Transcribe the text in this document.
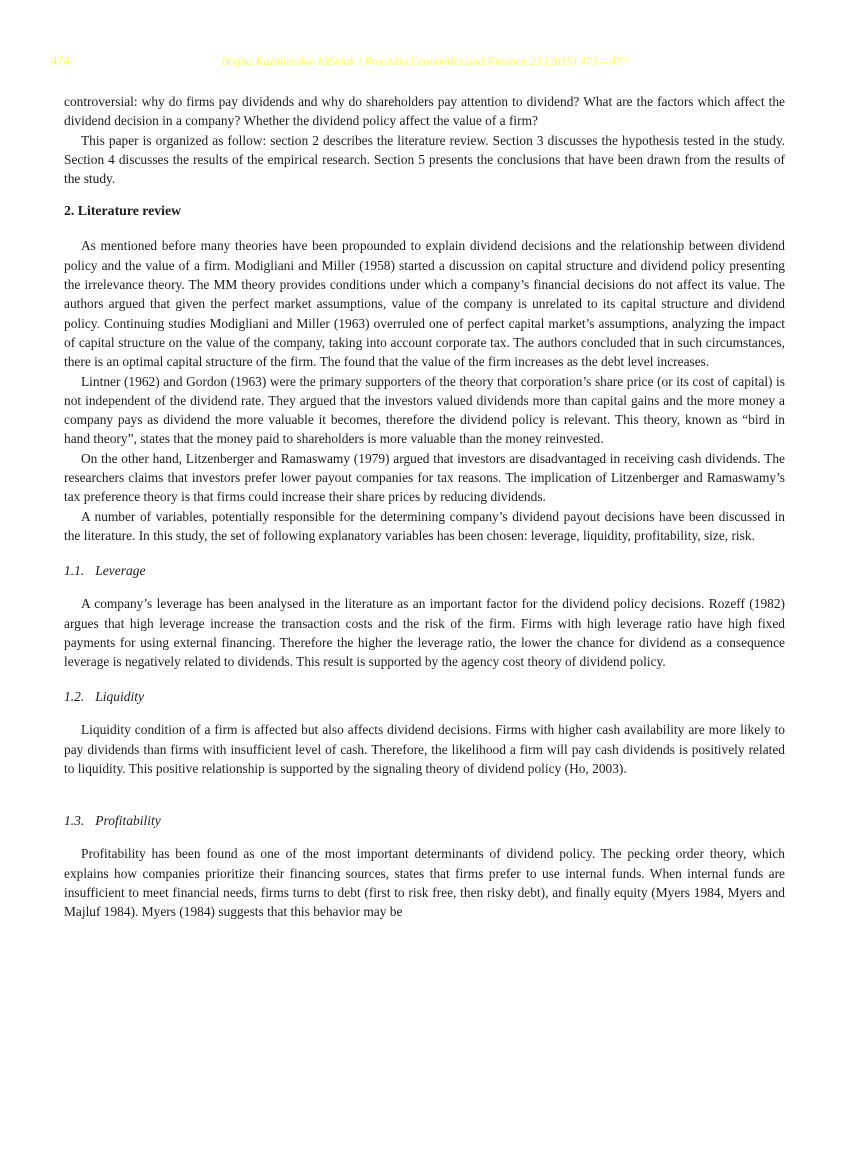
474	Bogna Kaźmierska-Jóźwiak / Procedia Economics and Finance 23 (2015) 473 – 477

controversial: why do firms pay dividends and why do shareholders pay attention to dividend? What are the factors which affect the dividend decision in a company? Whether the dividend policy affect the value of a firm?

This paper is organized as follow: section 2 describes the literature review. Section 3 discusses the hypothesis tested in the study. Section 4 discusses the results of the empirical research. Section 5 presents the conclusions that have been drawn from the results of the study.

2. Literature review

As mentioned before many theories have been propounded to explain dividend decisions and the relationship between dividend policy and the value of a firm. Modigliani and Miller (1958) started a discussion on capital structure and dividend policy presenting the irrelevance theory. The MM theory provides conditions under which a company’s financial decisions do not affect its value. The authors argued that given the perfect market assumptions, value of the company is unrelated to its capital structure and dividend policy. Continuing studies Modigliani and Miller (1963) overruled one of perfect capital market’s assumptions, analyzing the impact of capital structure on the value of the company, taking into account corporate tax. The authors concluded that in such circumstances, there is an optimal capital structure of the firm. The found that the value of the firm increases as the debt level increases.

Lintner (1962) and Gordon (1963) were the primary supporters of the theory that corporation’s share price (or its cost of capital) is not independent of the dividend rate. They argued that the investors valued dividends more than capital gains and the more money a company pays as dividend the more valuable it becomes, therefore the dividend policy is relevant. This theory, known as “bird in hand theory”, states that the money paid to shareholders is more valuable than the money reinvested.

On the other hand, Litzenberger and Ramaswamy (1979) argued that investors are disadvantaged in receiving cash dividends. The researchers claims that investors prefer lower payout companies for tax reasons. The implication of Litzenberger and Ramaswamy’s tax preference theory is that firms could increase their share prices by reducing dividends.

A number of variables, potentially responsible for the determining company’s dividend payout decisions have been discussed in the literature. In this study, the set of following explanatory variables has been chosen: leverage, liquidity, profitability, size, risk.

1.1. Leverage

A company’s leverage has been analysed in the literature as an important factor for the dividend policy decisions. Rozeff (1982) argues that high leverage increase the transaction costs and the risk of the firm. Firms with high leverage ratio have high fixed payments for using external financing. Therefore the higher the leverage ratio, the lower the chance for dividend as a consequence leverage is negatively related to dividends. This result is supported by the agency cost theory of dividend policy.

1.2. Liquidity

Liquidity condition of a firm is affected but also affects dividend decisions. Firms with higher cash availability are more likely to pay dividends than firms with insufficient level of cash. Therefore, the likelihood a firm will pay cash dividends is positively related to liquidity. This positive relationship is supported by the signaling theory of dividend policy (Ho, 2003).

1.3. Profitability

Profitability has been found as one of the most important determinants of dividend policy. The pecking order theory, which explains how companies prioritize their financing sources, states that firms prefer to use internal funds. When internal funds are insufficient to meet financial needs, firms turns to debt (first to risk free, then risky debt), and finally equity (Myers 1984, Myers and Majluf 1984). Myers (1984) suggests that this behavior may be
